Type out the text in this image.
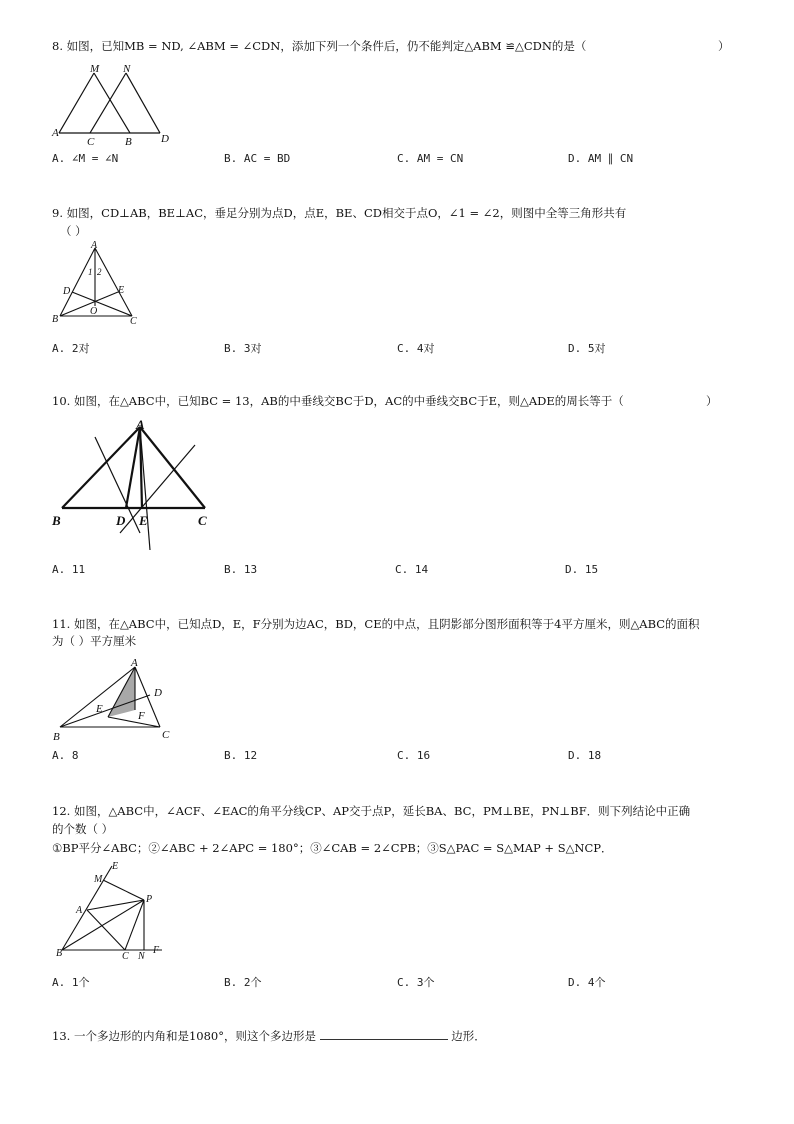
8. 如图，已知MB = ND, ∠ABM = ∠CDN，添加下列一个条件后，仍不能判定△ABM ≌△CDN的是（	）
M N
A
C	B	D
A. ∠M = ∠N	B. AC = BD	C. AM = CN	D. AM ∥ CN
9. 如图，CD⊥AB，BE⊥AC，垂足分别为点D，点E，BE、CD相交于点O，∠1 = ∠2，则图中全等三角形共有
（ ）
A
1 2
D	E
O
B	C
A. 2对	B. 3对	C. 4对	D. 5对
10. 如图，在△ABC中，已知BC = 13，AB的中垂线交BC于D，AC的中垂线交BC于E，则△ADE的周长等于（	）
A
B	D E	C
A. 11	B. 13	C. 14	D. 15
11. 如图，在△ABC中，已知点D，E，F分别为边AC，BD，CE的中点，且阴影部分图形面积等于4平方厘米，则△ABC的面积
为（ ）平方厘米
A
D
E
F
B	C
A. 8	B. 12	C. 16	D. 18
12. 如图，△ABC中，∠ACF、∠EAC的角平分线CP、AP交于点P，延长BA、BC，PM⊥BE，PN⊥BF．则下列结论中正确
的个数（ ）
①BP平分∠ABC；②∠ABC + 2∠APC = 180°；③∠CAB = 2∠CPB；③S△PAC = S△MAP + S△NCP．
E
M
P
A
B	C N
F
A. 1个	B. 2个	C. 3个	D. 4个
13. 一个多边形的内角和是1080°，则这个多边形是	边形．
